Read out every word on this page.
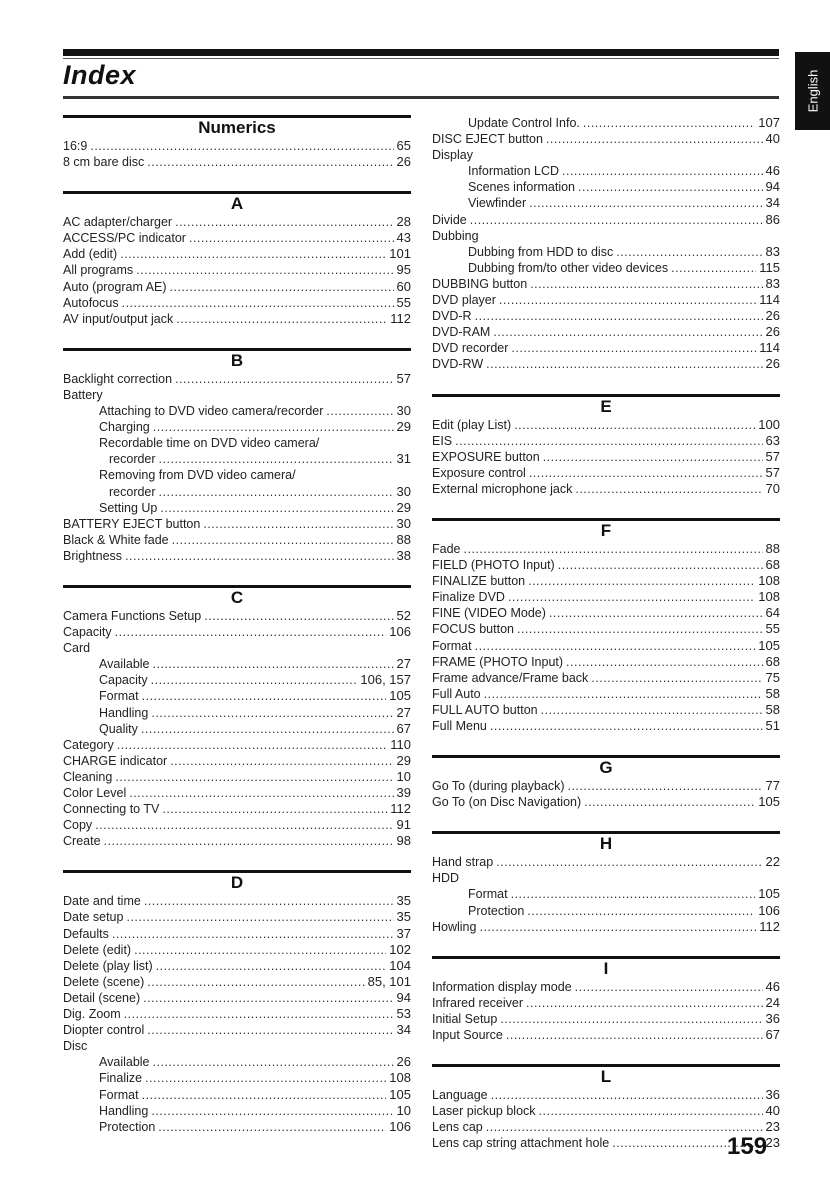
Index	English
Numerics
16:9 .....	65
8 cm bare disc .....	26
A
AC adapter/charger .....	28
ACCESS/PC indicator .....	43
Add (edit) .....	101
All programs .....	95
Auto (program AE) .....	60
Autofocus .....	55
AV input/output jack .....	112
B
Backlight correction .....	57
Battery
Attaching to DVD video camera/recorder .....	30
Charging .....	29
Recordable time on DVD video camera/
recorder .....	31
Removing from DVD video camera/
recorder .....	30
Setting Up .....	29
BATTERY EJECT button .....	30
Black & White fade .....	88
Brightness .....	38
C
Camera Functions Setup .....	52
Capacity .....	106
Card
Available .....	27
Capacity .....	106, 157
Format .....	105
Handling .....	27
Quality .....	67
Category .....	110
CHARGE indicator .....	29
Cleaning .....	10
Color Level .....	39
Connecting to TV .....	112
Copy .....	91
Create .....	98
D
Date and time .....	35
Date setup .....	35
Defaults .....	37
Delete (edit) .....	102
Delete (play list) .....	104
Delete (scene) .....	85, 101
Detail (scene) .....	94
Dig. Zoom .....	53
Diopter control .....	34
Disc
Available .....	26
Finalize .....	108
Format .....	105
Handling .....	10
Protection .....	106
Update Control Info. .....	107
DISC EJECT button .....	40
Display
Information LCD .....	46
Scenes information .....	94
Viewfinder .....	34
Divide .....	86
Dubbing
Dubbing from HDD to disc .....	83
Dubbing from/to other video devices .....	115
DUBBING button .....	83
DVD player .....	114
DVD-R .....	26
DVD-RAM .....	26
DVD recorder .....	114
DVD-RW .....	26
E
Edit (play List) .....	100
EIS .....	63
EXPOSURE button .....	57
Exposure control .....	57
External microphone jack .....	70
F
Fade .....	88
FIELD (PHOTO Input) .....	68
FINALIZE button .....	108
Finalize DVD .....	108
FINE (VIDEO Mode) .....	64
FOCUS button .....	55
Format .....	105
FRAME (PHOTO Input) .....	68
Frame advance/Frame back .....	75
Full Auto .....	58
FULL AUTO button .....	58
Full Menu .....	51
G
Go To (during playback) .....	77
Go To (on Disc Navigation) .....	105
H
Hand strap .....	22
HDD
Format .....	105
Protection .....	106
Howling .....	112
I
Information display mode .....	46
Infrared receiver .....	24
Initial Setup .....	36
Input Source .....	67
L
Language .....	36
Laser pickup block .....	40
Lens cap .....	23
Lens cap string attachment hole .....	23
159
